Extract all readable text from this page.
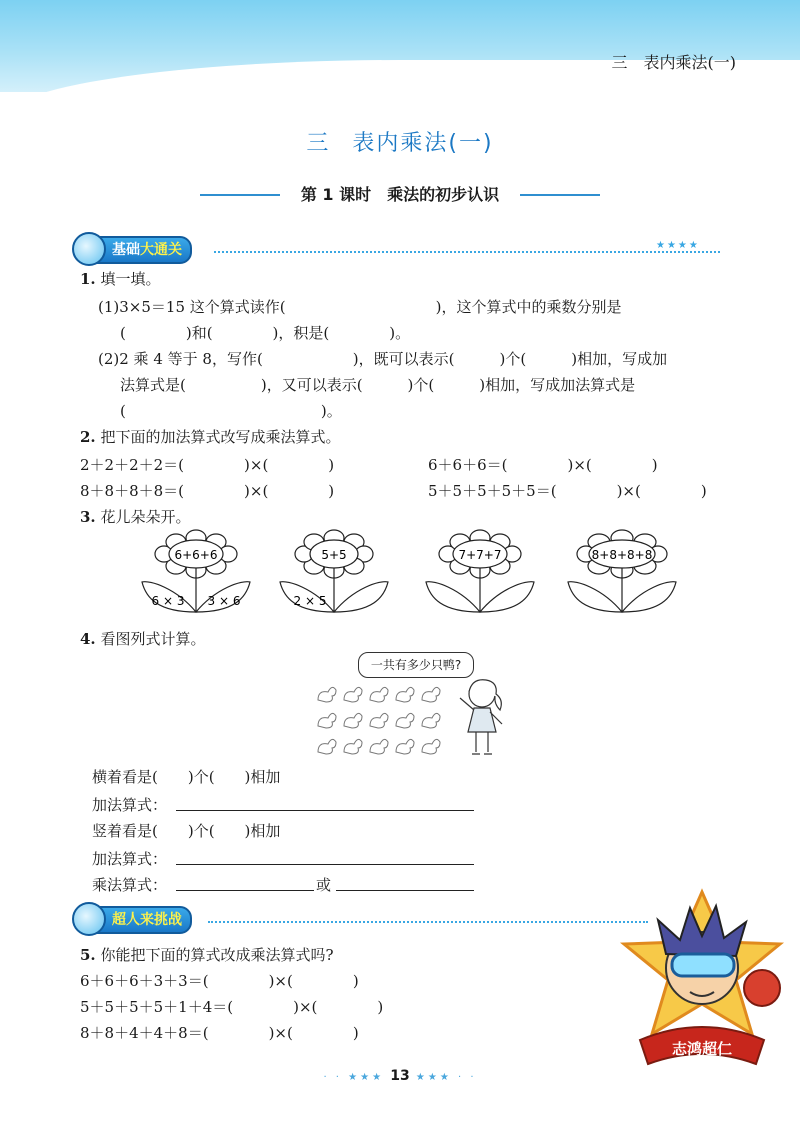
三　表内乘法(一)
三 表内乘法(一)
第 1 课时　乘法的初步认识
基础大通关	★★★★
1. 填一填。
(1)3×5＝15 这个算式读作(　　　　　　　　　　)，这个算式中的乘数分别是
(　　　　)和(　　　　)，积是(　　　　)。
(2)2 乘 4 等于 8，写作(　　　　　　)，既可以表示(　　　)个(　　　)相加，写成加
法算式是(　　　　　)，又可以表示(　　　)个(　　　)相加，写成加法算式是
(　　　　　　　　　　　　　)。
2. 把下面的加法算式改写成乘法算式。
2＋2＋2＋2＝(　　　　)×(　　　　)	6＋6＋6＝(　　　　)×(　　　　)
8＋8＋8＋8＝(　　　　)×(　　　　)	5＋5＋5＋5＋5＝(　　　　)×(　　　　)
3. 花儿朵朵开。
6+6+6
6 × 3 3 × 6
5+5
2 × 5
7+7+7	8+8+8+8
4. 看图列式计算。
一共有多少只鸭?
横着看是(　　)个(　　)相加
加法算式：
竖着看是(　　)个(　　)相加
加法算式：
乘法算式：	或
超人来挑战
5. 你能把下面的算式改成乘法算式吗?
6＋6＋6＋3＋3＝(　　　　)×(　　　　)
5＋5＋5＋5＋1＋4＝(　　　　)×(　　　　)
8＋8＋4＋4＋8＝(　　　　)×(　　　　)
志鸿超仁
· · ★★★ 13 ★★★ · ·
